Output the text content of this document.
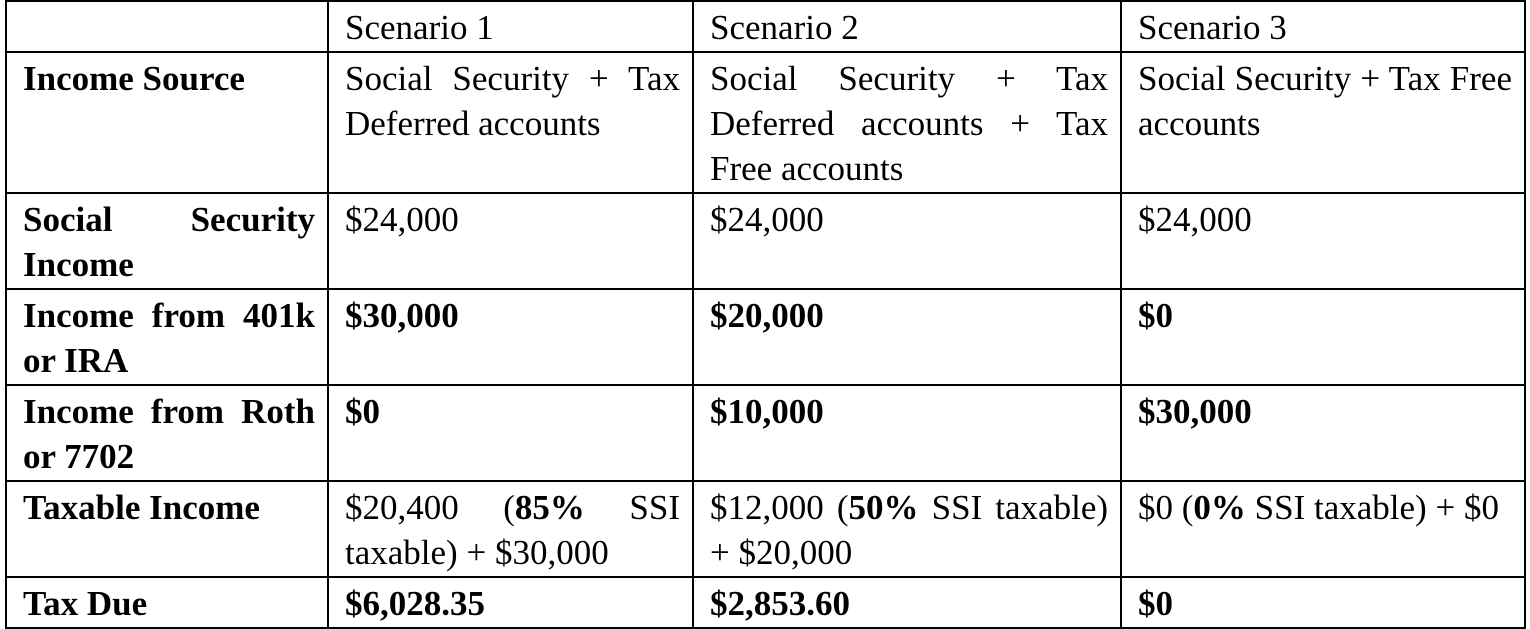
	Scenario 1	Scenario 2	Scenario 3
Income Source	Social Security + Tax Deferred accounts	Social Security + Tax Deferred accounts + Tax Free accounts	Social Security + Tax Free accounts
Social Security Income	$24,000	$24,000	$24,000
Income from 401k or IRA	$30,000	$20,000	$0
Income from Roth or 7702	$0	$10,000	$30,000
Taxable Income	$20,400 (85% SSI taxable) + $30,000	$12,000 (50% SSI taxable) + $20,000	$0 (0% SSI taxable) + $0
Tax Due	$6,028.35	$2,853.60	$0
